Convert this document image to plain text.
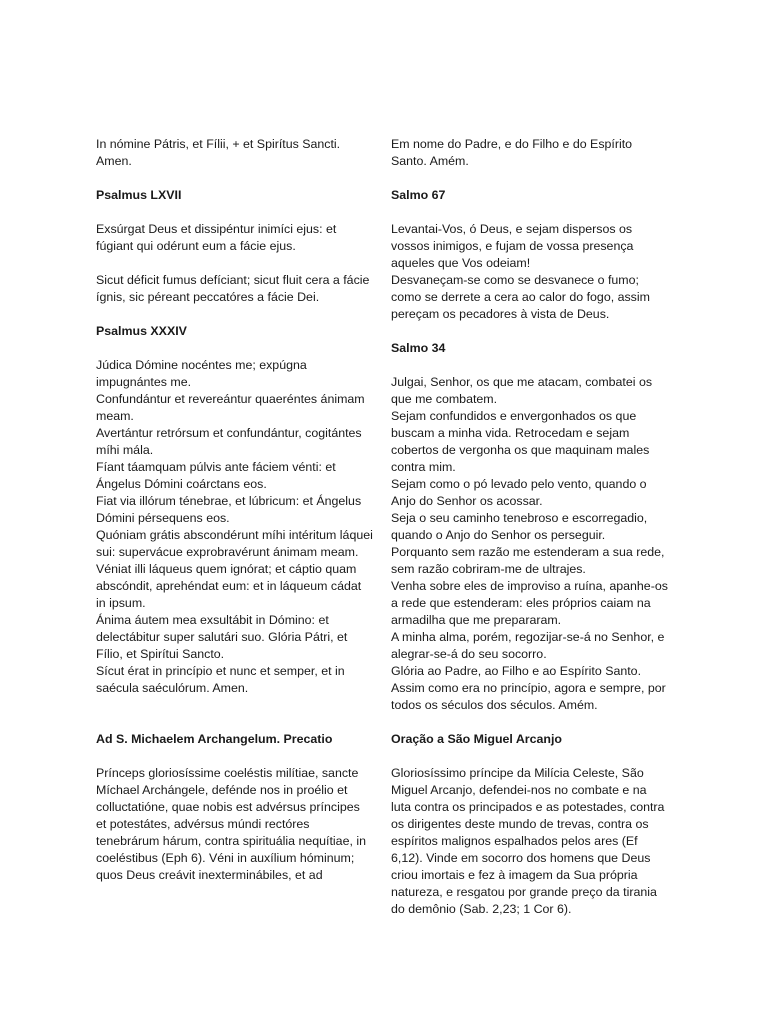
In nómine Pátris, et Fílii, + et Spirítus Sancti.
Amen.
Psalmus LXVII
Exsúrgat Deus et dissipéntur inimíci ejus: et
fúgiant qui odérunt eum a fácie ejus.
Sicut déficit fumus defíciant; sicut fluit cera a fácie
ígnis, sic péreant peccatóres a fácie Dei.
Psalmus XXXIV
Júdica Dómine nocéntes me; expúgna
impugnántes me.
Confundántur et revereántur quaeréntes ánimam
meam.
Avertántur retrórsum et confundántur, cogitántes
míhi mála.
Fíant táamquam púlvis ante fáciem vénti: et
Ángelus Dómini coárctans eos.
Fiat via illórum ténebrae, et lúbricum: et Ángelus
Dómini pérsequens eos.
Quóniam grátis abscondérunt míhi intéritum láquei
sui: supervácue exprobravérunt ánimam meam.
Véniat illi láqueus quem ignórat; et cáptio quam
abscóndit, aprehéndat eum: et in láqueum cádat
in ipsum.
Ánima áutem mea exsultábit in Dómino: et
delectábitur super salutári suo. Glória Pátri, et
Fílio, et Spirítui Sancto.
Sícut érat in princípio et nunc et semper, et in
saécula saéculórum. Amen.
Ad S. Michaelem Archangelum. Precatio
Prínceps gloriosíssime coeléstis milítiae, sancte
Míchael Archángele, defénde nos in proélio et
colluctatióne, quae nobis est advérsus príncipes
et potestátes, advérsus múndi rectóres
tenebrárum hárum, contra spirituália nequítiae, in
coeléstibus (Eph 6). Véni in auxílium hóminum;
quos Deus creávit inexterminábiles, et ad
Em nome do Padre, e do Filho e do Espírito
Santo. Amém.
Salmo 67
Levantai-Vos, ó Deus, e sejam dispersos os
vossos inimigos, e fujam de vossa presença
aqueles que Vos odeiam!
Desvaneçam-se como se desvanece o fumo;
como se derrete a cera ao calor do fogo, assim
pereçam os pecadores à vista de Deus.
Salmo 34
Julgai, Senhor, os que me atacam, combatei os
que me combatem.
Sejam confundidos e envergonhados os que
buscam a minha vida. Retrocedam e sejam
cobertos de vergonha os que maquinam males
contra mim.
Sejam como o pó levado pelo vento, quando o
Anjo do Senhor os acossar.
Seja o seu caminho tenebroso e escorregadio,
quando o Anjo do Senhor os perseguir.
Porquanto sem razão me estenderam a sua rede,
sem razão cobriram-me de ultrajes.
Venha sobre eles de improviso a ruína, apanhe-os
a rede que estenderam: eles próprios caiam na
armadilha que me prepararam.
A minha alma, porém, regozijar-se-á no Senhor, e
alegrar-se-á do seu socorro.
Glória ao Padre, ao Filho e ao Espírito Santo.
Assim como era no princípio, agora e sempre, por
todos os séculos dos séculos. Amém.
Oração a São Miguel Arcanjo
Gloriosíssimo príncipe da Milícia Celeste, São
Miguel Arcanjo, defendei-nos no combate e na
luta contra os principados e as potestades, contra
os dirigentes deste mundo de trevas, contra os
espíritos malignos espalhados pelos ares (Ef
6,12). Vinde em socorro dos homens que Deus
criou imortais e fez à imagem da Sua própria
natureza, e resgatou por grande preço da tirania
do demônio (Sab. 2,23; 1 Cor 6).
